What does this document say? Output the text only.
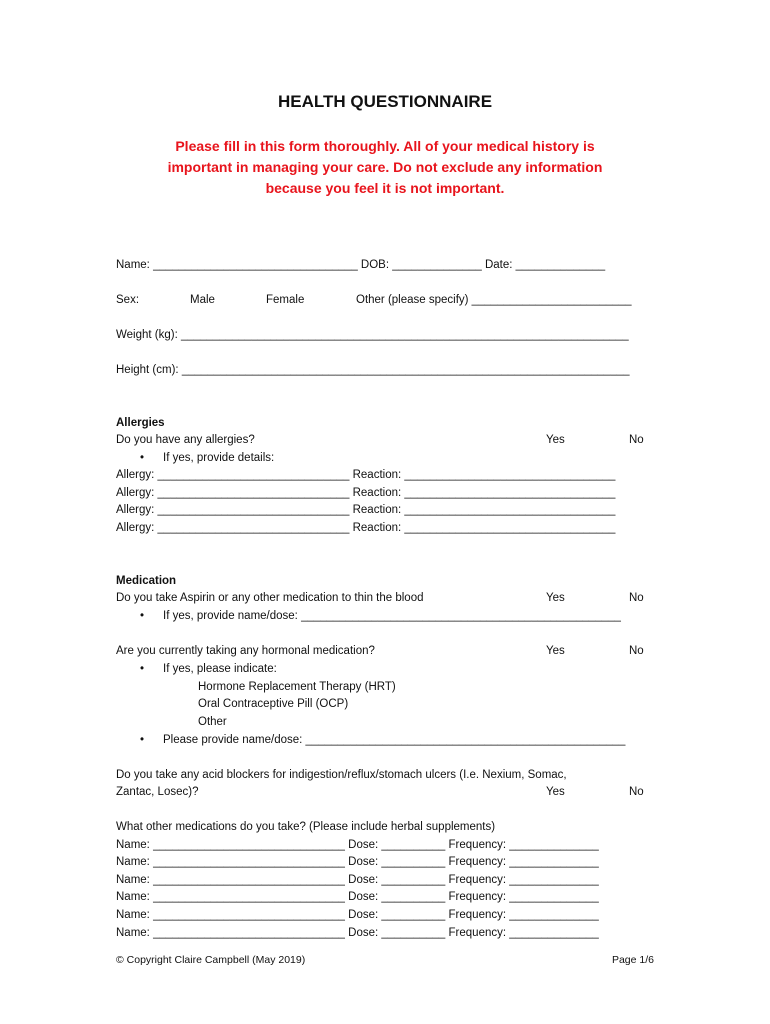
HEALTH QUESTIONNAIRE
Please fill in this form thoroughly. All of your medical history is
important in managing your care. Do not exclude any information
because you feel it is not important.
Name: ________________________________ DOB: ______________ Date: ______________
Sex:	Male	Female	Other (please specify) _________________________
Weight (kg): ______________________________________________________________________
Height (cm): ______________________________________________________________________
Allergies
Do you have any allergies?	Yes	No
• If yes, provide details:
Allergy: ______________________________ Reaction: _________________________________
Allergy: ______________________________ Reaction: _________________________________
Allergy: ______________________________ Reaction: _________________________________
Allergy: ______________________________ Reaction: _________________________________
Medication
Do you take Aspirin or any other medication to thin the blood	Yes	No
• If yes, provide name/dose: __________________________________________________
Are you currently taking any hormonal medication?	Yes	No
• If yes, please indicate:
Hormone Replacement Therapy (HRT)
Oral Contraceptive Pill (OCP)
Other
• Please provide name/dose: __________________________________________________
Do you take any acid blockers for indigestion/reflux/stomach ulcers (I.e. Nexium, Somac,
Zantac, Losec)?	Yes	No
What other medications do you take? (Please include herbal supplements)
Name: ______________________________ Dose: __________ Frequency: ______________
Name: ______________________________ Dose: __________ Frequency: ______________
Name: ______________________________ Dose: __________ Frequency: ______________
Name: ______________________________ Dose: __________ Frequency: ______________
Name: ______________________________ Dose: __________ Frequency: ______________
Name: ______________________________ Dose: __________ Frequency: ______________
© Copyright Claire Campbell (May 2019)	Page 1/6
